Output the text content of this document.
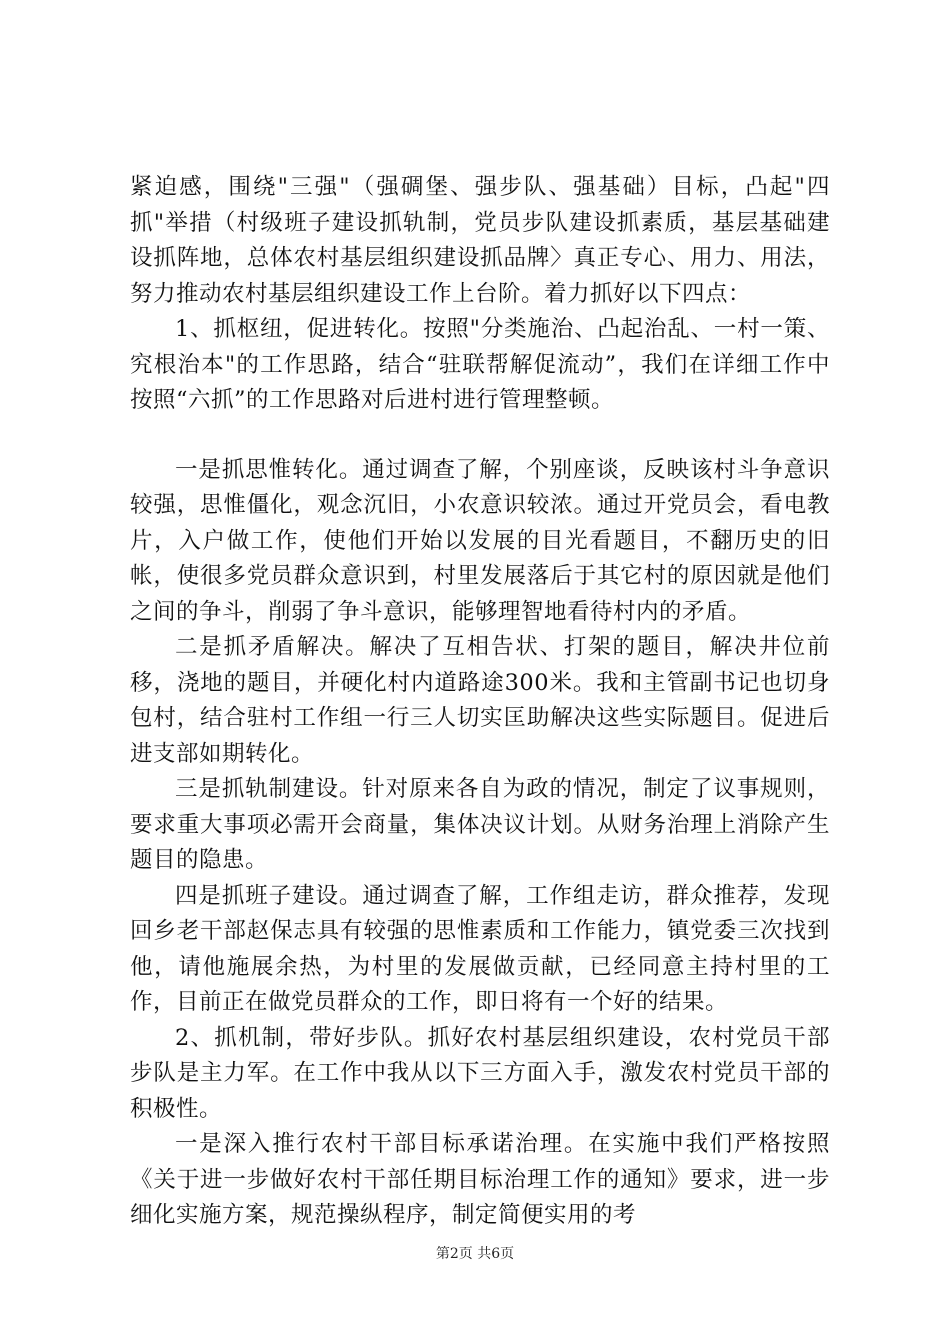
紧迫感，围绕"三强"（强碉堡、强步队、强基础）目标，凸起"四抓"举措（村级班子建设抓轨制，党员步队建设抓素质，基层基础建设抓阵地，总体农村基层组织建设抓品牌〉真正专心、用力、用法，努力推动农村基层组织建设工作上台阶。着力抓好以下四点：

1、抓枢纽，促进转化。按照"分类施治、凸起治乱、一村一策、究根治本"的工作思路，结合“驻联帮解促流动”，我们在详细工作中按照“六抓”的工作思路对后进村进行管理整顿。

一是抓思惟转化。通过调查了解，个别座谈，反映该村斗争意识较强，思惟僵化，观念沉旧，小农意识较浓。通过开党员会，看电教片，入户做工作，使他们开始以发展的目光看题目，不翻历史的旧帐，使很多党员群众意识到，村里发展落后于其它村的原因就是他们之间的争斗，削弱了争斗意识，能够理智地看待村内的矛盾。

二是抓矛盾解决。解决了互相告状、打架的题目，解决井位前移，浇地的题目，并硬化村内道路途300米。我和主管副书记也切身包村，结合驻村工作组一行三人切实匡助解决这些实际题目。促进后进支部如期转化。

三是抓轨制建设。针对原来各自为政的情况，制定了议事规则，要求重大事项必需开会商量，集体决议计划。从财务治理上消除产生题目的隐患。

四是抓班子建设。通过调查了解，工作组走访，群众推荐，发现回乡老干部赵保志具有较强的思惟素质和工作能力，镇党委三次找到他，请他施展余热，为村里的发展做贡献，已经同意主持村里的工作，目前正在做党员群众的工作，即日将有一个好的结果。

2、抓机制，带好步队。抓好农村基层组织建设，农村党员干部步队是主力军。在工作中我从以下三方面入手，激发农村党员干部的积极性。

一是深入推行农村干部目标承诺治理。在实施中我们严格按照《关于进一步做好农村干部任期目标治理工作的通知》要求，进一步细化实施方案，规范操纵程序，制定简便实用的考

第2页 共6页
